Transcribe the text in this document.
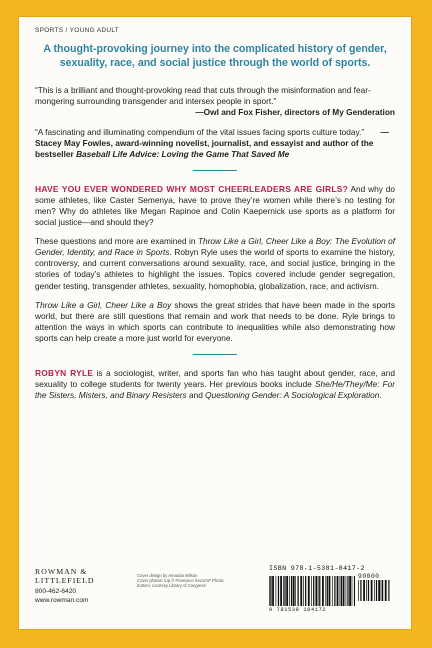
SPORTS / YOUNG ADULT
A thought-provoking journey into the complicated history of gender, sexuality, race, and social justice through the world of sports.
“This is a brilliant and thought-provoking read that cuts through the misinformation and fear-mongering surrounding transgender and intersex people in sport.”
—Owl and Fox Fisher, directors of My Genderation
“A fascinating and illuminating compendium of the vital issues facing sports culture today.” —Stacey May Fowles, award-winning novelist, journalist, and essayist and author of the bestseller Baseball Life Advice: Loving the Game That Saved Me

HAVE YOU EVER WONDERED WHY MOST CHEERLEADERS ARE GIRLS? And why do some athletes, like Caster Semenya, have to prove they’re women while there’s no testing for men? Why do athletes like Megan Rapinoe and Colin Kaepernick use sports as a platform for social justice—and should they?

These questions and more are examined in Throw Like a Girl, Cheer Like a Boy: The Evolution of Gender, Identity, and Race in Sports. Robyn Ryle uses the world of sports to examine the history, controversy, and current conversations around sexuality, race, and social justice, bringing in the stories of today’s athletes to highlight the issues. Topics covered include gender segregation, gender testing, transgender athletes, sexuality, homophobia, globalization, race, and activism.

Throw Like a Girl, Cheer Like a Boy shows the great strides that have been made in the sports world, but there are still questions that remain and work that needs to be done. Ryle brings to attention the ways in which sports can contribute to inequalities while also demonstrating how sports can help create a more just world for everyone.

ROBYN RYLE is a sociologist, writer, and sports fan who has taught about gender, race, and sexuality to college students for twenty years. Her previous books include She/He/They/Me: For the Sisters, Misters, and Binary Resisters and Questioning Gender: A Sociological Exploration.

ROWMAN &
LITTLEFIELD
800-462-6420
www.rowman.com
Cover design by Amanda Wilson
Cover photos: top © Francisco Seco/AP Photo;
bottom, courtesy Library of Congress
ISBN 978-1-5381-8417-2
90000
9 781538 184172
